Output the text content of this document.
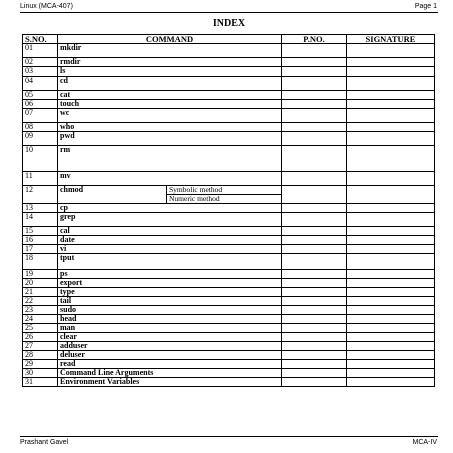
Linux (MCA-407)	Page 1
INDEX
S.NO.	COMMAND		P.NO.	SIGNATURE
01	mkdir			
02	rmdir			
03	ls			
04	cd			
05	cat			
06	touch			
07	wc			
08	who			
09	pwd			
10	rm			
11	mv			
12	chmod	Symbolic method		
		Numeric method		
13	cp			
14	grep			
15	cal			
16	date			
17	vi			
18	tput			
19	ps			
20	export			
21	type			
22	tail			
23	sudo			
24	head			
25	man			
26	clear			
27	adduser			
28	deluser			
29	read			
30	Command Line Arguments			
31	Environment Variables			
Prashant Gavel	MCA-IV
